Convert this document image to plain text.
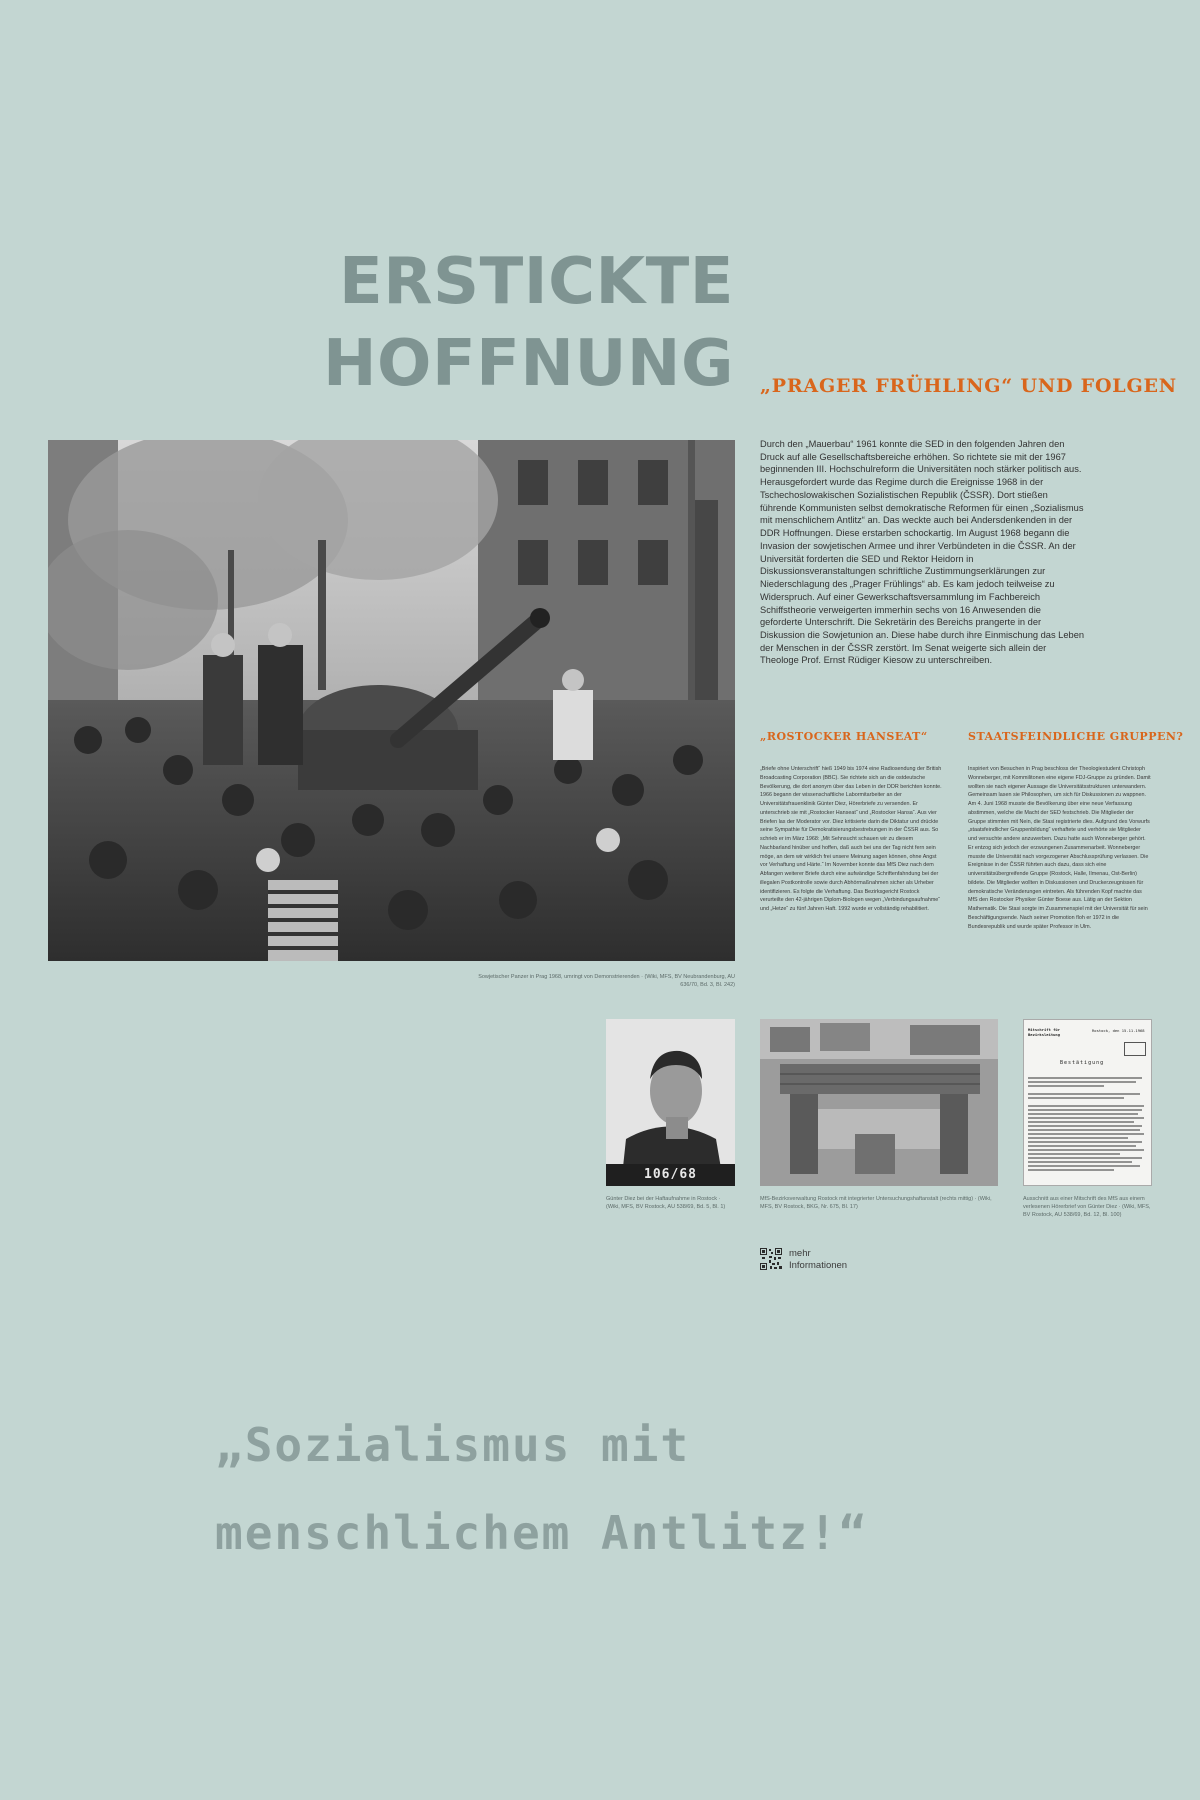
ERSTICKTE
HOFFNUNG „PRAGER FRÜHLING“ UND FOLGEN
Sowjetischer Panzer in Prag 1968, umringt von Demonstrierenden · (Wiki, MFS, BV Neubrandenburg, AU 636/70, Bd. 3, Bl. 242)

Durch den „Mauerbau“ 1961 konnte die SED in den folgenden Jahren den Druck auf alle Gesellschaftsbereiche erhöhen. So richtete sie mit der 1967 beginnenden III. Hochschulreform die Universitäten noch stärker politisch aus.

Herausgefordert wurde das Regime durch die Ereignisse 1968 in der Tschechoslowakischen Sozialistischen Republik (ČSSR). Dort stießen führende Kommunisten selbst demokratische Reformen für einen „Sozialismus mit menschlichem Antlitz“ an. Das weckte auch bei Andersdenkenden in der DDR Hoffnungen. Diese erstarben schockartig. Im August 1968 begann die Invasion der sowjetischen Armee und ihrer Verbündeten in die ČSSR. An der Universität forderten die SED und Rektor Heidorn in Diskussionsveranstaltungen schriftliche Zustimmungserklärungen zur Niederschlagung des „Prager Frühlings“ ab. Es kam jedoch teilweise zu Widerspruch. Auf einer Gewerkschaftsversammlung im Fachbereich Schiffstheorie verweigerten immerhin sechs von 16 Anwesenden die geforderte Unterschrift. Die Sekretärin des Bereichs prangerte in der Diskussion die Sowjetunion an. Diese habe durch ihre Einmischung das Leben der Menschen in der ČSSR zerstört. Im Senat weigerte sich allein der Theologe Prof. Ernst Rüdiger Kiesow zu unterschreiben.

„ROSTOCKER HANSEAT“
„Briefe ohne Unterschrift“ hieß 1949 bis 1974 eine Radiosendung der British Broadcasting Corporation (BBC). Sie richtete sich an die ostdeutsche Bevölkerung, die dort anonym über das Leben in der DDR berichten konnte. 1966 begann der wissenschaftliche Labormitarbeiter an der Universitätsfrauenklinik Günter Diez, Hörerbriefe zu versenden. Er unterschrieb sie mit „Rostocker Hanseat“ und „Rostocker Hansa“. Aus vier Briefen las der Moderator vor. Diez kritisierte darin die Diktatur und drückte seine Sympathie für Demokratisierungsbestrebungen in der ČSSR aus. So schrieb er im März 1968: „Mit Sehnsucht schauen wir zu diesem Nachbarland hinüber und hoffen, daß auch bei uns der Tag nicht fern sein möge, an dem wir wirklich frei unsere Meinung sagen können, ohne Angst vor Verhaftung und Härte.“ Im November konnte das MfS Diez nach dem Abfangen weiterer Briefe durch eine aufwändige Schriftenfahndung bei der illegalen Postkontrolle sowie durch Abhörmaßnahmen sicher als Urheber identifizieren. Es folgte die Verhaftung. Das Bezirksgericht Rostock verurteilte den 42-jährigen Diplom-Biologen wegen „Verbindungsaufnahme“ und „Hetze“ zu fünf Jahren Haft. 1992 wurde er vollständig rehabilitiert.
STAATSFEINDLICHE GRUPPEN?
Inspiriert von Besuchen in Prag beschloss der Theologiestudent Christoph Wonneberger, mit Kommilitonen eine eigene FDJ-Gruppe zu gründen. Damit wollten sie nach eigener Aussage die Universitätsstrukturen unterwandern. Gemeinsam lasen sie Philosophen, um sich für Diskussionen zu wappnen. Am 4. Juni 1968 musste die Bevölkerung über eine neue Verfassung abstimmen, welche die Macht der SED festschrieb. Die Mitglieder der Gruppe stimmten mit Nein, die Stasi registrierte dies. Aufgrund des Vorwurfs „staatsfeindlicher Gruppenbildung“ verhaftete und verhörte sie Mitglieder und versuchte andere anzuwerben. Dazu hatte auch Wonneberger gehört. Er entzog sich jedoch der erzwungenen Zusammenarbeit. Wonneberger musste die Universität nach vorgezogener Abschlussprüfung verlassen. Die Ereignisse in der ČSSR führten auch dazu, dass sich eine universitätsübergreifende Gruppe (Rostock, Halle, Ilmenau, Ost-Berlin) bildete. Die Mitglieder wollten in Diskussionen und Druckerzeugnissen für demokratische Veränderungen eintreten. Als führenden Kopf machte das MfS den Rostocker Physiker Günter Boese aus. Lätig an der Sektion Mathematik. Die Stasi sorgte im Zusammenspiel mit der Universität für sein Beschäftigungsende. Nach seiner Promotion floh er 1972 in die Bundesrepublik und wurde später Professor in Ulm.
106/68
Günter Diez bei der Haftaufnahme in Rostock · (Wiki, MFS, BV Rostock, AU 538/69, Bd. 5, Bl. 1)
MfS-Bezirksverwaltung Rostock mit integrierter Untersuchungshaftanstalt (rechts mittig) · (Wiki, MFS, BV Rostock, BKG, Nr. 675, Bl. 17)
Mitschrift für Bezirksleitung
Rostock, den 15.11.1968
Bestätigung
Ausschnitt aus einer Mitschrift des MfS aus einem verlesenen Hörerbrief von Günter Diez · (Wiki, MFS, BV Rostock, AU 538/69, Bd. 12, Bl. 100)
mehr
Informationen
„Sozialismus mit
menschlichem Antlitz!“
